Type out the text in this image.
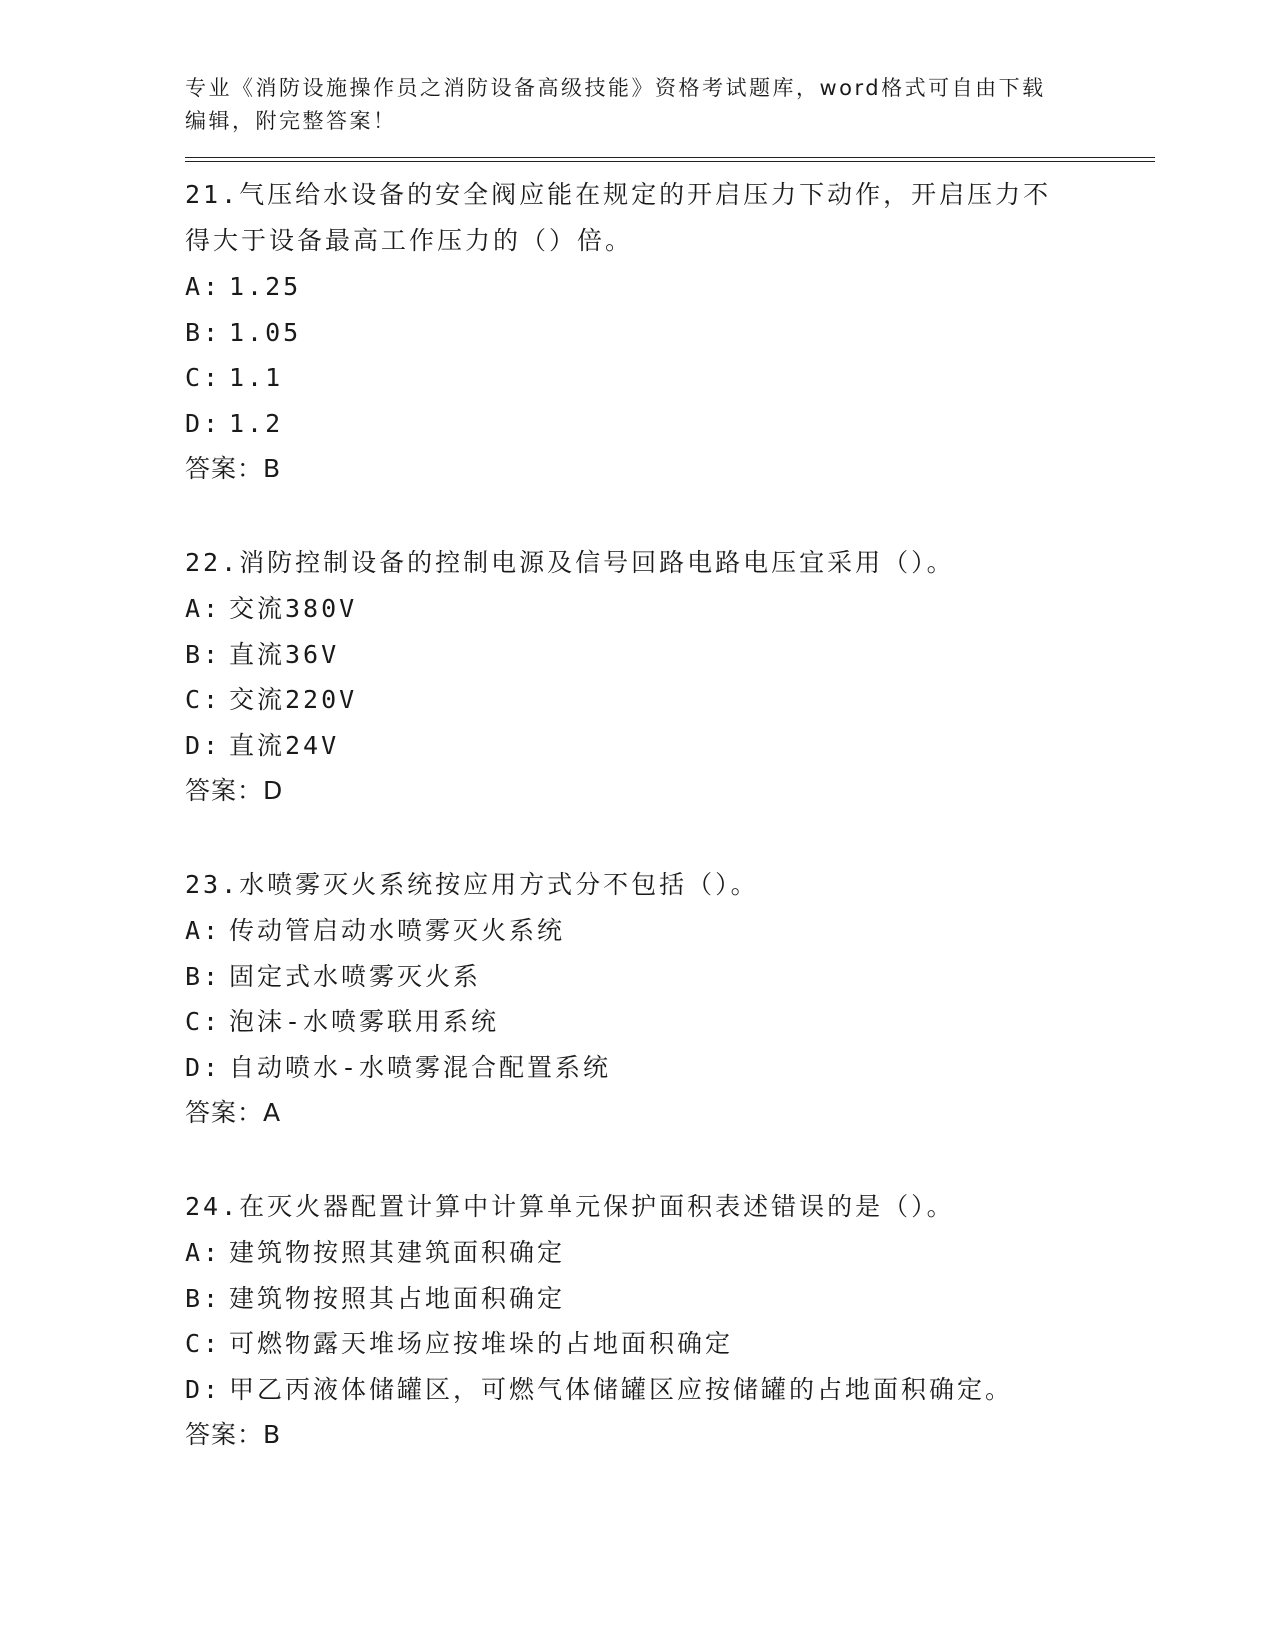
专业《消防设施操作员之消防设备高级技能》资格考试题库，word格式可自由下载编辑，附完整答案！
21.气压给水设备的安全阀应能在规定的开启压力下动作，开启压力不得大于设备最高工作压力的（）倍。
A: 1.25
B: 1.05
C: 1.1
D: 1.2
答案：B
22.消防控制设备的控制电源及信号回路电路电压宜采用（）。
A: 交流380V
B: 直流36V
C: 交流220V
D: 直流24V
答案：D
23.水喷雾灭火系统按应用方式分不包括（）。
A: 传动管启动水喷雾灭火系统
B: 固定式水喷雾灭火系
C: 泡沫-水喷雾联用系统
D: 自动喷水-水喷雾混合配置系统
答案：A
24.在灭火器配置计算中计算单元保护面积表述错误的是（）。
A: 建筑物按照其建筑面积确定
B: 建筑物按照其占地面积确定
C: 可燃物露天堆场应按堆垛的占地面积确定
D: 甲乙丙液体储罐区，可燃气体储罐区应按储罐的占地面积确定。
答案：B
